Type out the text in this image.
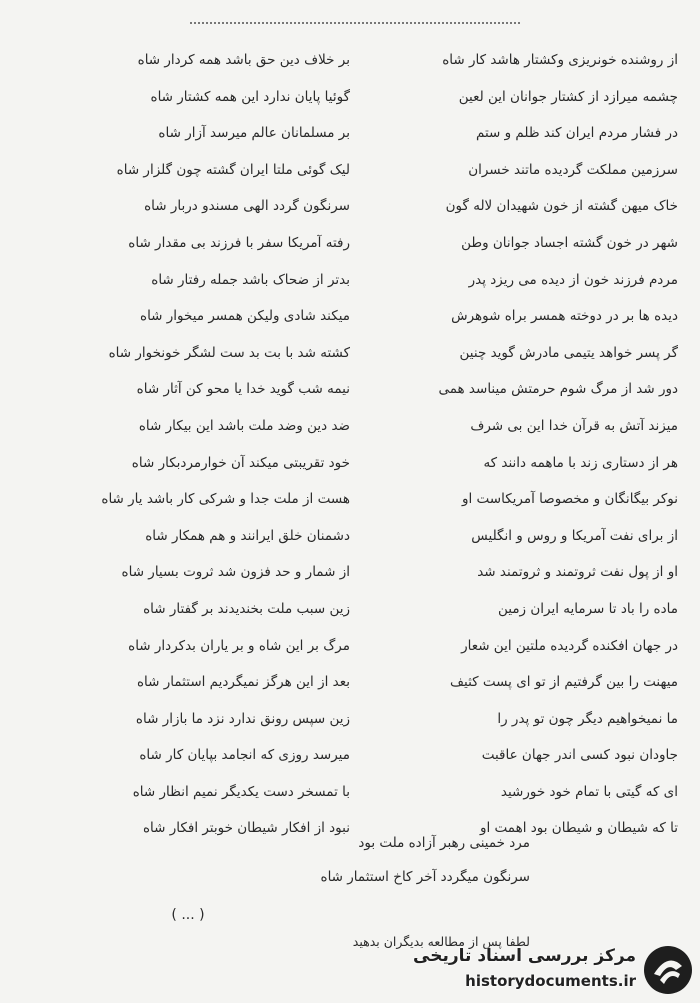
از روشنده خونریزی وکشتار هاشد کار شاه
چشمه میرازد از کشتار جوانان این لعین
در فشار مردم ایران کند ظلم و ستم
سرزمین مملکت گردیده ماتند خسران
خاک میهن گشته از خون شهیدان لاله گون
شهر در خون گشته اجساد جوانان وطن
مردم فرزند خون از دیده می ریزد پدر
دیده ها بر در دوخته همسر براه شوهرش
گر پسر خواهد یتیمی مادرش گوید چنین
دور شد از مرگ شوم حرمتش میناسد همی
میزند آتش به قرآن خدا این بی شرف
هر از دستاری زند با ماهمه دانند که
نوکر بیگانگان و مخصوصا آمریکاست او
از برای نفت آمریکا و روس و انگلیس
او از پول نفت ثروتمند و ثروتمند شد
ماده را باد تا سرمایه ایران زمین
در جهان افکنده گردیده ملتین این شعار
میهنت را بین گرفتیم از تو ای پست کثیف
ما نمیخواهیم دیگر چون تو پدر را
جاودان نبود کسی اندر جهان عاقبت
ای که گیتی با تمام خود خورشید
تا که شیطان و شیطان بود اهمت او
بر خلاف دین حق باشد همه کردار شاه
گوئیا پایان ندارد این همه کشتار شاه
بر مسلمانان عالم میرسد آزار شاه
لیک گوئی ملتا ایران گشته چون گلزار شاه
سرنگون گردد الهی مسندو دربار شاه
رفته آمریکا سفر با فرزند بی مقدار شاه
بدتر از ضحاک باشد جمله رفتار شاه
میکند شادی ولیکن همسر میخوار شاه
کشته شد با بت بد ست لشگر خونخوار شاه
نیمه شب گوید خدا یا محو کن آثار شاه
ضد دین وضد ملت باشد این بیکار شاه
خود تقریبتی میکند آن خوارمردبکار شاه
هست از ملت جدا و شرکی کار باشد یار شاه
دشمنان خلق ایرانند و هم همکار شاه
از شمار و حد فزون شد ثروت بسیار شاه
زین سبب ملت بخندیدند بر گفتار شاه
مرگ بر این شاه و بر یاران بدکردار شاه
بعد از این هرگز نمیگردیم استثمار شاه
زین سپس رونق ندارد نزد ما بازار شاه
میرسد روزی که انجامد بپایان کار شاه
با تمسخر دست یکدیگر نمیم انظار شاه
نبود از افکار شیطان خوبتر افکار شاه
مرد خمینی رهبر آزاده ملت بود
سرنگون میگردد آخر کاخ استثمار شاه
( ... )
لطفا پس از مطالعه بدیگران بدهید
مرکز بررسی اسناد تاریخی
historydocuments.ir
